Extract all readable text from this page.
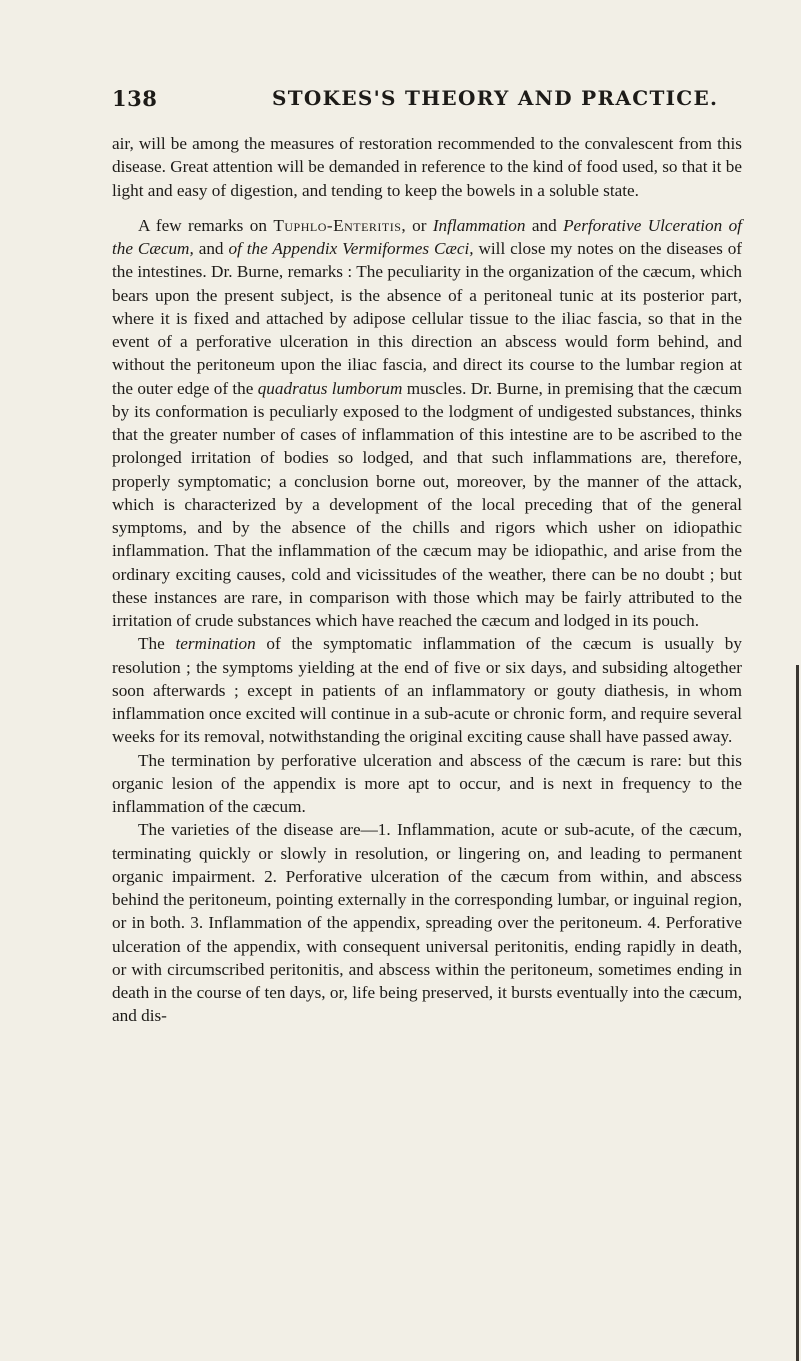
138	STOKES'S THEORY AND PRACTICE.

air, will be among the measures of restoration recommended to the convalescent from this disease. Great attention will be demanded in reference to the kind of food used, so that it be light and easy of digestion, and tending to keep the bowels in a soluble state.

A few remarks on Tuphlo-Enteritis, or Inflammation and Perforative Ulceration of the Cæcum, and of the Appendix Vermiformes Cæci, will close my notes on the diseases of the intestines. Dr. Burne, remarks : The peculiarity in the organization of the cæcum, which bears upon the present subject, is the absence of a peritoneal tunic at its posterior part, where it is fixed and attached by adipose cellular tissue to the iliac fascia, so that in the event of a perforative ulceration in this direction an abscess would form behind, and without the peritoneum upon the iliac fascia, and direct its course to the lumbar region at the outer edge of the quadratus lumborum muscles. Dr. Burne, in premising that the cæcum by its conformation is peculiarly exposed to the lodgment of undigested substances, thinks that the greater number of cases of inflammation of this intestine are to be ascribed to the prolonged irritation of bodies so lodged, and that such inflammations are, therefore, properly symptomatic; a conclusion borne out, moreover, by the manner of the attack, which is characterized by a development of the local preceding that of the general symptoms, and by the absence of the chills and rigors which usher on idiopathic inflammation. That the inflammation of the cæcum may be idiopathic, and arise from the ordinary exciting causes, cold and vicissitudes of the weather, there can be no doubt ; but these instances are rare, in comparison with those which may be fairly attributed to the irritation of crude substances which have reached the cæcum and lodged in its pouch.

The termination of the symptomatic inflammation of the cæcum is usually by resolution ; the symptoms yielding at the end of five or six days, and subsiding altogether soon afterwards ; except in patients of an inflammatory or gouty diathesis, in whom inflammation once excited will continue in a sub-acute or chronic form, and require several weeks for its removal, notwithstanding the original exciting cause shall have passed away.

The termination by perforative ulceration and abscess of the cæcum is rare: but this organic lesion of the appendix is more apt to occur, and is next in frequency to the inflammation of the cæcum.

The varieties of the disease are—1. Inflammation, acute or sub-acute, of the cæcum, terminating quickly or slowly in resolution, or lingering on, and leading to permanent organic impairment. 2. Perforative ulceration of the cæcum from within, and abscess behind the peritoneum, pointing externally in the corresponding lumbar, or inguinal region, or in both. 3. Inflammation of the appendix, spreading over the peritoneum. 4. Perforative ulceration of the appendix, with consequent universal peritonitis, ending rapidly in death, or with circumscribed peritonitis, and abscess within the peritoneum, sometimes ending in death in the course of ten days, or, life being preserved, it bursts eventually into the cæcum, and dis-
